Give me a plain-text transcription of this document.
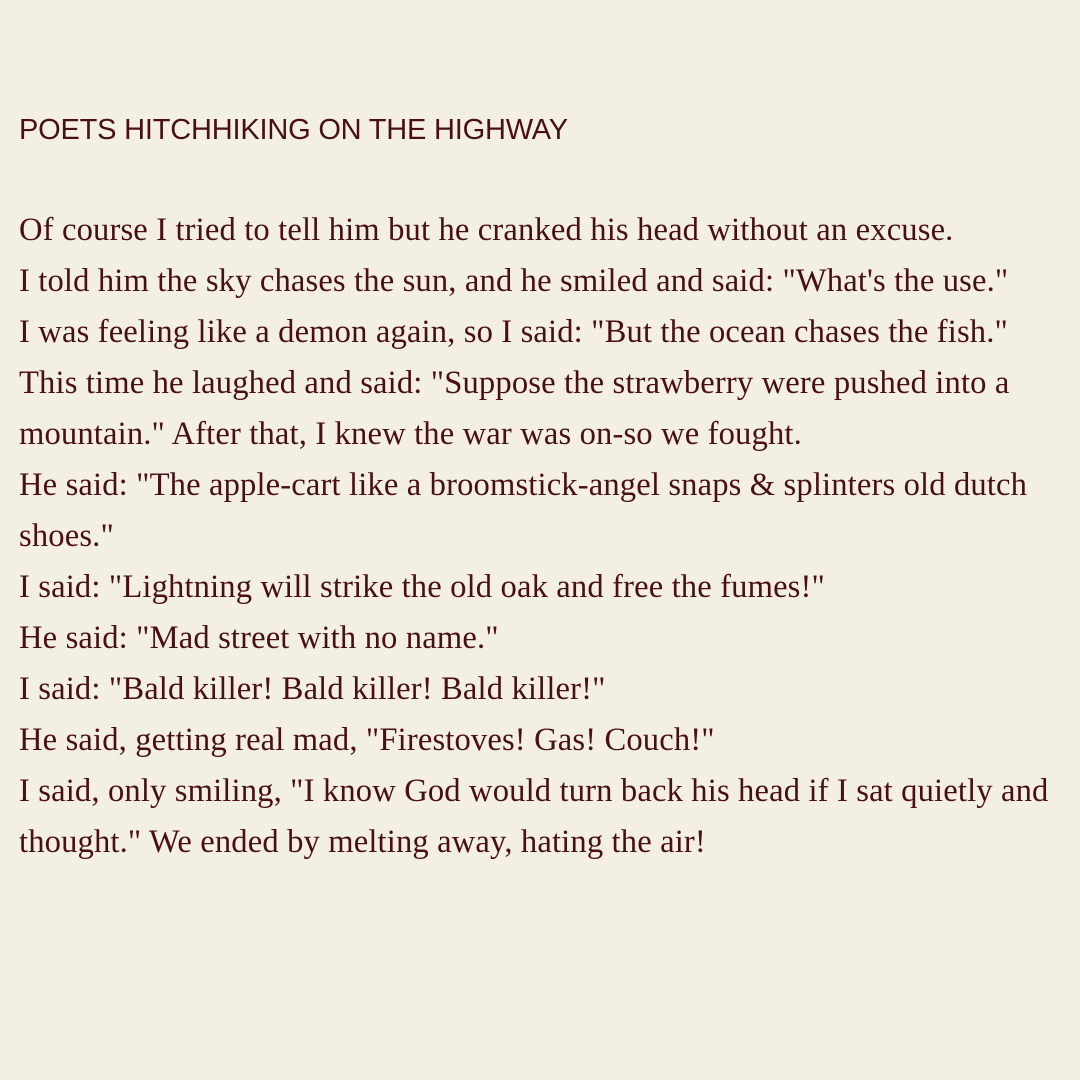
POETS HITCHHIKING ON THE HIGHWAY

Of course I tried to tell him but he cranked his head without an excuse.

I told him the sky chases the sun, and he smiled and said: "What's the use."

I was feeling like a demon again, so I said: "But the ocean chases the fish."

This time he laughed and said: "Suppose the strawberry were pushed into a mountain." After that, I knew the war was on-so we fought.

He said: "The apple-cart like a broomstick-angel snaps & splinters old dutch shoes."

I said: "Lightning will strike the old oak and free the fumes!"

He said: "Mad street with no name."

I said: "Bald killer! Bald killer! Bald killer!"

He said, getting real mad, "Firestoves! Gas! Couch!"

I said, only smiling, "I know God would turn back his head if I sat quietly and thought." We ended by melting away, hating the air!
